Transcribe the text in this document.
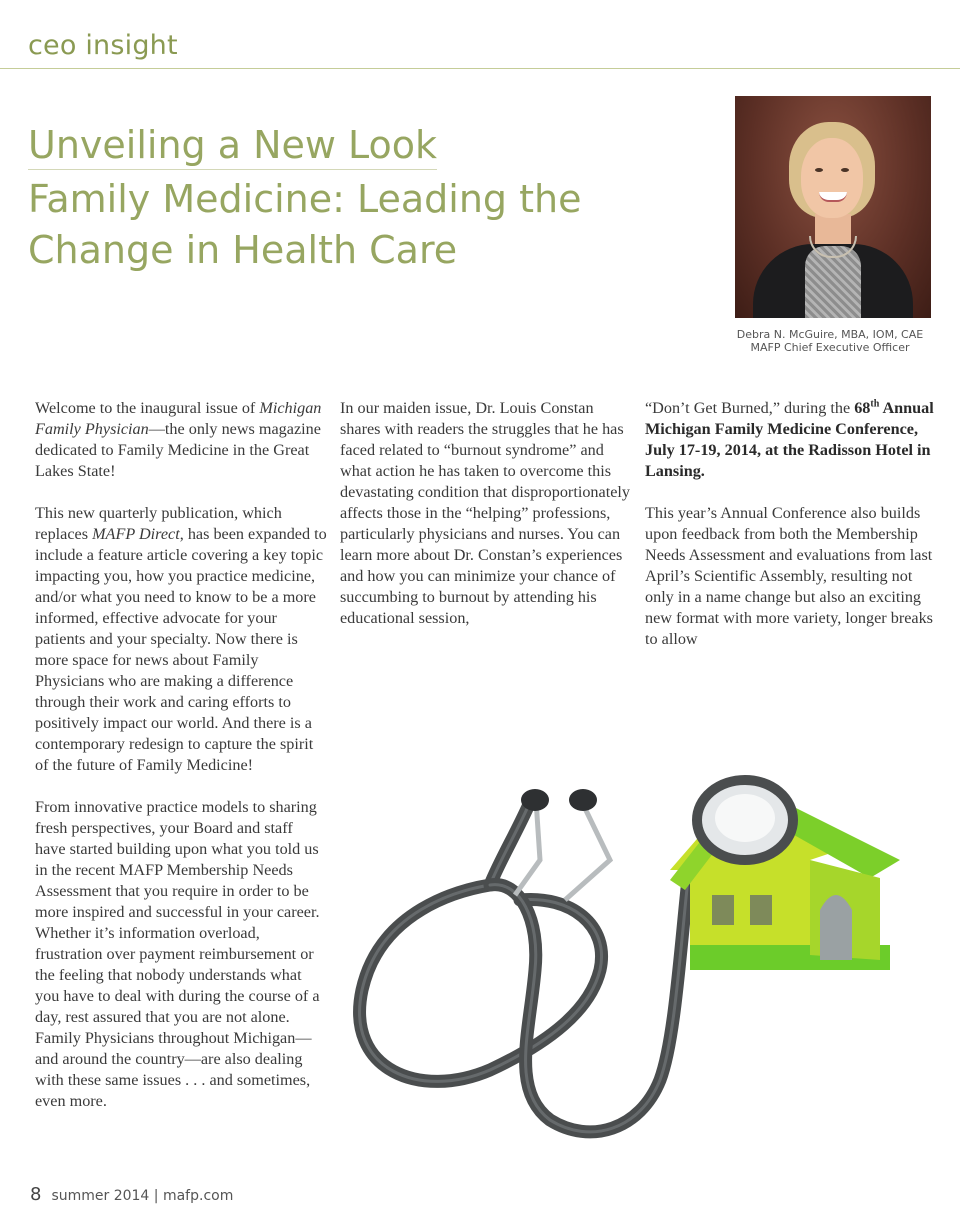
ceo insight
Unveiling a New Look
Family Medicine: Leading the
Change in Health Care
Debra N. McGuire, MBA, IOM, CAE
MAFP Chief Executive Officer

Welcome to the inaugural issue of Michigan Family Physician—the only news magazine dedicated to Family Medicine in the Great Lakes State!

This new quarterly publication, which replaces MAFP Direct, has been expanded to include a feature article covering a key topic impacting you, how you practice medicine, and/or what you need to know to be a more informed, effective advocate for your patients and your specialty. Now there is more space for news about Family Physicians who are making a difference through their work and caring efforts to positively impact our world. And there is a contemporary redesign to capture the spirit of the future of Family Medicine!

From innovative practice models to sharing fresh perspectives, your Board and staff have started building upon what you told us in the recent MAFP Membership Needs Assessment that you require in order to be more inspired and successful in your career. Whether it’s information overload, frustration over payment reimbursement or the feeling that nobody understands what you have to deal with during the course of a day, rest assured that you are not alone. Family Physicians throughout Michigan—and around the country—are also dealing with these same issues . . . and sometimes, even more.

In our maiden issue, Dr. Louis Constan shares with readers the struggles that he has faced related to “burnout syndrome” and what action he has taken to overcome this devastating condition that disproportionately affects those in the “helping” professions, particularly physicians and nurses. You can learn more about Dr. Constan’s experiences and how you can minimize your chance of succumbing to burnout by attending his educational session,

“Don’t Get Burned,” during the 68th Annual Michigan Family Medicine Conference, July 17-19, 2014, at the Radisson Hotel in Lansing.

This year’s Annual Conference also builds upon feedback from both the Membership Needs Assessment and evaluations from last April’s Scientific Assembly, resulting not only in a name change but also an exciting new format with more variety, longer breaks to allow

8 summer 2014 | mafp.com
